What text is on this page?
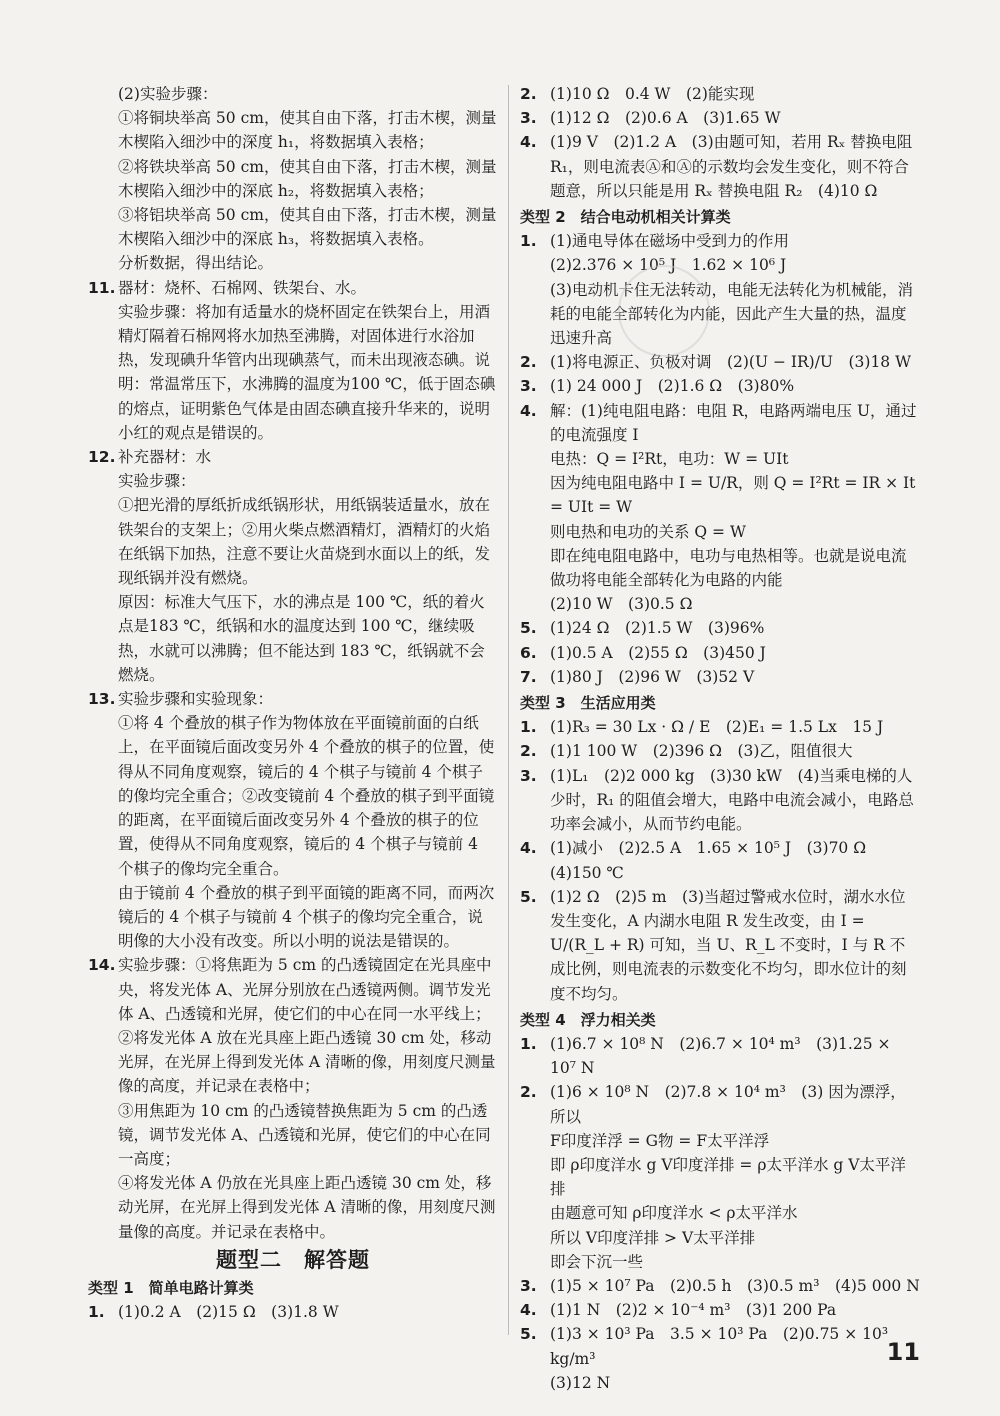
(2)实验步骤：
①将铜块举高 50 cm，使其自由下落，打击木楔，测量木楔陷入细沙中的深度 h₁，将数据填入表格；
②将铁块举高 50 cm，使其自由下落，打击木楔，测量木楔陷入细沙中的深底 h₂，将数据填入表格；
③将铝块举高 50 cm，使其自由下落，打击木楔，测量木楔陷入细沙中的深底 h₃，将数据填入表格。
分析数据，得出结论。
11. 器材：烧杯、石棉网、铁架台、水。
实验步骤：将加有适量水的烧杯固定在铁架台上，用酒精灯隔着石棉网将水加热至沸腾，对固体进行水浴加热，发现碘升华管内出现碘蒸气，而未出现液态碘。说明：常温常压下，水沸腾的温度为100 ℃，低于固态碘的熔点，证明紫色气体是由固态碘直接升华来的，说明小红的观点是错误的。
12. 补充器材：水
实验步骤：
①把光滑的厚纸折成纸锅形状，用纸锅装适量水，放在铁架台的支架上；②用火柴点燃酒精灯，酒精灯的火焰在纸锅下加热，注意不要让火苗烧到水面以上的纸，发现纸锅并没有燃烧。
原因：标准大气压下，水的沸点是 100 ℃，纸的着火点是183 ℃，纸锅和水的温度达到 100 ℃，继续吸热，水就可以沸腾；但不能达到 183 ℃，纸锅就不会燃烧。
13. 实验步骤和实验现象：
①将 4 个叠放的棋子作为物体放在平面镜前面的白纸上，在平面镜后面改变另外 4 个叠放的棋子的位置，使得从不同角度观察，镜后的 4 个棋子与镜前 4 个棋子的像均完全重合；②改变镜前 4 个叠放的棋子到平面镜的距离，在平面镜后面改变另外 4 个叠放的棋子的位置，使得从不同角度观察，镜后的 4 个棋子与镜前 4 个棋子的像均完全重合。
由于镜前 4 个叠放的棋子到平面镜的距离不同，而两次镜后的 4 个棋子与镜前 4 个棋子的像均完全重合，说明像的大小没有改变。所以小明的说法是错误的。
14. 实验步骤：①将焦距为 5 cm 的凸透镜固定在光具座中央，将发光体 A、光屏分别放在凸透镜两侧。调节发光体 A、凸透镜和光屏，使它们的中心在同一水平线上；
②将发光体 A 放在光具座上距凸透镜 30 cm 处，移动光屏，在光屏上得到发光体 A 清晰的像，用刻度尺测量像的高度，并记录在表格中；
③用焦距为 10 cm 的凸透镜替换焦距为 5 cm 的凸透镜，调节发光体 A、凸透镜和光屏，使它们的中心在同一高度；
④将发光体 A 仍放在光具座上距凸透镜 30 cm 处，移动光屏，在光屏上得到发光体 A 清晰的像，用刻度尺测量像的高度。并记录在表格中。
题型二　解答题
类型 1　简单电路计算类
1. (1)0.2 A　(2)15 Ω　(3)1.8 W
2. (1)10 Ω　0.4 W　(2)能实现
3. (1)12 Ω　(2)0.6 A　(3)1.65 W
4. (1)9 V　(2)1.2 A　(3)由题可知，若用 Rₓ 替换电阻 R₁，则电流表Ⓐ和Ⓐ的示数均会发生变化，则不符合题意，所以只能是用 Rₓ 替换电阻 R₂　(4)10 Ω
类型 2　结合电动机相关计算类
1. (1)通电导体在磁场中受到力的作用
(2)2.376 × 10⁵ J　1.62 × 10⁶ J
(3)电动机卡住无法转动，电能无法转化为机械能，消耗的电能全部转化为内能，因此产生大量的热，温度迅速升高
2. (1)将电源正、负极对调　(2)(U − IR)/U　(3)18 W
3. (1) 24 000 J　(2)1.6 Ω　(3)80%
4. 解：(1)纯电阻电路：电阻 R，电路两端电压 U，通过的电流强度 I
电热：Q = I²Rt，电功：W = UIt
因为纯电阻电路中 I = U/R，则 Q = I²Rt = IR × It = UIt = W
则电热和电功的关系 Q = W
即在纯电阻电路中，电功与电热相等。也就是说电流做功将电能全部转化为电路的内能
(2)10 W　(3)0.5 Ω
5. (1)24 Ω　(2)1.5 W　(3)96%
6. (1)0.5 A　(2)55 Ω　(3)450 J
7. (1)80 J　(2)96 W　(3)52 V
类型 3　生活应用类
1. (1)R₃ = 30 Lx · Ω / E　(2)E₁ = 1.5 Lx　15 J
2. (1)1 100 W　(2)396 Ω　(3)乙，阻值很大
3. (1)L₁　(2)2 000 kg　(3)30 kW　(4)当乘电梯的人少时，R₁ 的阻值会增大，电路中电流会减小，电路总功率会减小，从而节约电能。
4. (1)减小　(2)2.5 A　1.65 × 10⁵ J　(3)70 Ω　(4)150 ℃
5. (1)2 Ω　(2)5 m　(3)当超过警戒水位时，湖水水位发生变化，A 内湖水电阻 R 发生改变，由 I = U/(R_L + R) 可知，当 U、R_L 不变时，I 与 R 不成比例，则电流表的示数变化不均匀，即水位计的刻度不均匀。
类型 4　浮力相关类
1. (1)6.7 × 10⁸ N　(2)6.7 × 10⁴ m³　(3)1.25 × 10⁷ N
2. (1)6 × 10⁸ N　(2)7.8 × 10⁴ m³　(3) 因为漂浮，所以
F印度洋浮 = G物 = F太平洋浮
即 ρ印度洋水 g V印度洋排 = ρ太平洋水 g V太平洋排
由题意可知 ρ印度洋水 < ρ太平洋水
所以 V印度洋排 > V太平洋排
即会下沉一些
3. (1)5 × 10⁷ Pa　(2)0.5 h　(3)0.5 m³　(4)5 000 N
4. (1)1 N　(2)2 × 10⁻⁴ m³　(3)1 200 Pa
5. (1)3 × 10³ Pa　3.5 × 10³ Pa　(2)0.75 × 10³ kg/m³
(3)12 N
11
